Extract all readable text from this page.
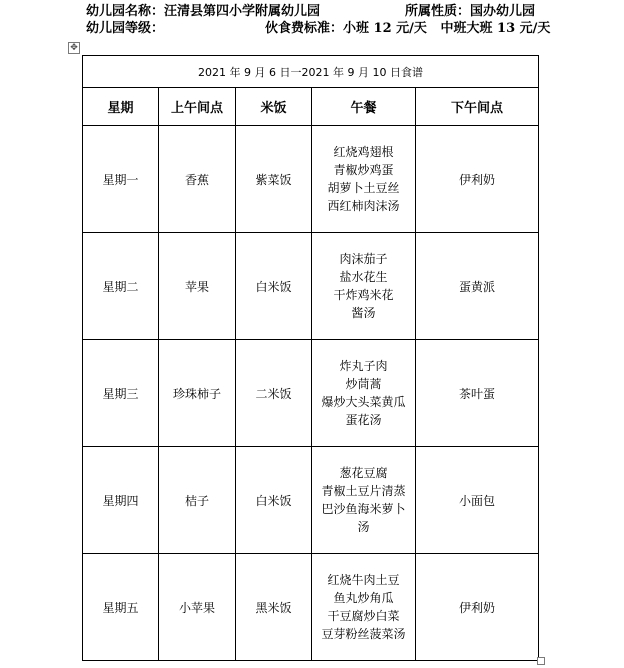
幼儿园名称：汪清县第四小学附属幼儿园	所属性质：国办幼儿园
幼儿园等级：	伙食费标准：小班 12 元/天 中班大班 13 元/天
✥
2021 年 9 月 6 日一2021 年 9 月 10 日食谱				
星期	上午间点	米饭	午餐	下午间点
星期一	香蕉	紫菜饭	红烧鸡翅根
青椒炒鸡蛋
胡萝卜土豆丝
西红柿肉沫汤	伊利奶
星期二	苹果	白米饭	肉沫茄子
盐水花生
干炸鸡米花
酱汤	蛋黄派
星期三	珍珠柿子	二米饭	炸丸子肉
炒茼蒿
爆炒大头菜黄瓜
蛋花汤	茶叶蛋
星期四	桔子	白米饭	葱花豆腐
青椒土豆片清蒸
巴沙鱼海米萝卜
汤	小面包
星期五	小苹果	黑米饭	红烧牛肉土豆
鱼丸炒角瓜
干豆腐炒白菜
豆芽粉丝菠菜汤	伊利奶
